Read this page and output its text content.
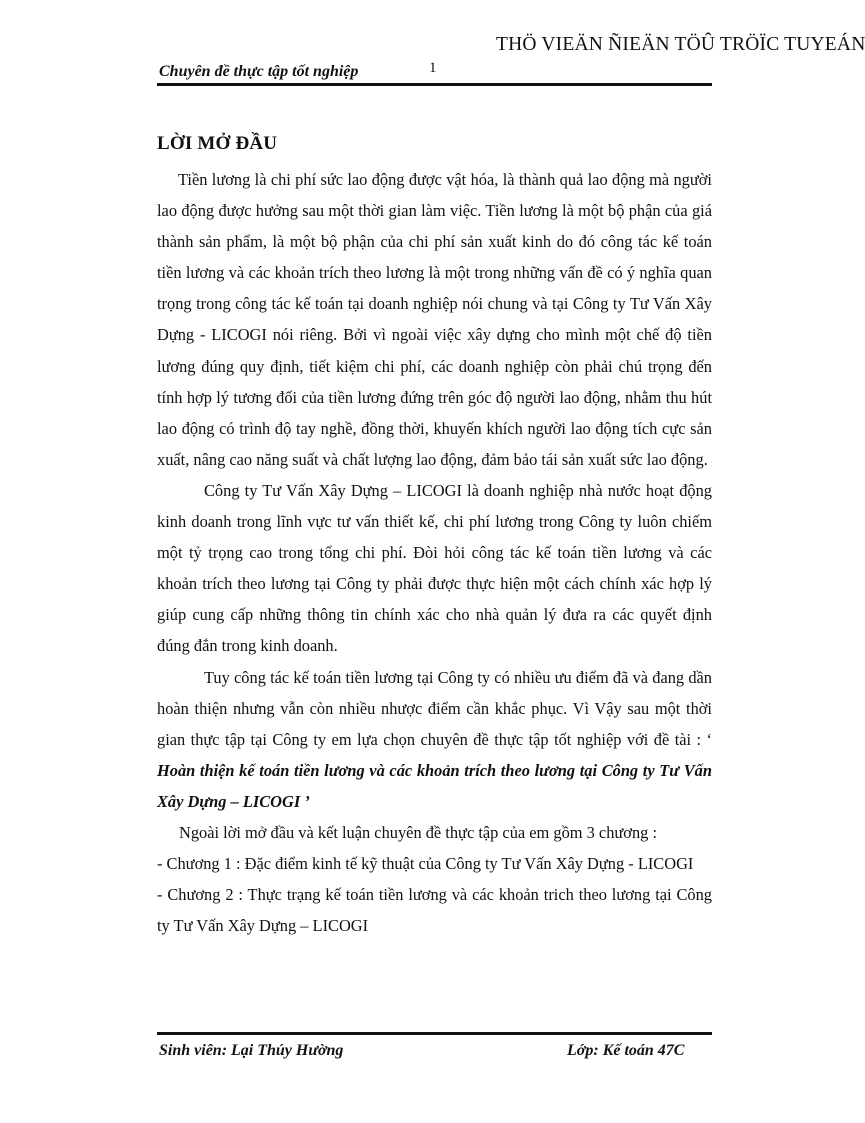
THÖ VIEÄN ÑIEÄN TÖÛ TRÖÏC TUYEÁN
Chuyên đề thực tập tốt nghiệp	1
LỜI MỞ ĐẦU

Tiền lương là chi phí sức lao động được vật hóa, là thành quả lao động mà người lao động được hưởng sau một thời gian làm việc. Tiền lương là một bộ phận của giá thành sản phẩm, là một bộ phận của chi phí sản xuất kinh do đó công tác kế toán tiền lương và các khoản trích theo lương là một trong những vấn đề có ý nghĩa quan trọng trong công tác kế toán tại doanh nghiệp nói chung và tại Công ty Tư Vấn Xây Dựng - LICOGI nói riêng. Bởi vì ngoài việc xây dựng cho mình một chế độ tiền lương đúng quy định, tiết kiệm chi phí, các doanh nghiệp còn phải chú trọng đến tính hợp lý tương đối của tiền lương đứng trên góc độ người lao động, nhằm thu hút lao động có trình độ tay nghề, đồng thời, khuyến khích người lao động tích cực sản xuất, nâng cao năng suất và chất lượng lao động, đảm bảo tái sản xuất sức lao động.

Công ty Tư Vấn Xây Dựng – LICOGI là doanh nghiệp nhà nước hoạt động kinh doanh trong lĩnh vực tư vấn thiết kế, chi phí lương trong Công ty luôn chiếm một tỷ trọng cao trong tổng chi phí. Đòi hỏi công tác kế toán tiền lương và các khoản trích theo lương tại Công ty phải được thực hiện một cách chính xác hợp lý giúp cung cấp những thông tin chính xác cho nhà quản lý đưa ra các quyết định đúng đắn trong kinh doanh.

Tuy công tác kế toán tiền lương tại Công ty có nhiều ưu điểm đã và đang dần hoàn thiện nhưng vẫn còn nhiều nhược điểm cần khắc phục. Vì Vậy sau một thời gian thực tập tại Công ty em lựa chọn chuyên đề thực tập tốt nghiệp với đề tài : ‘ Hoàn thiện kế toán tiền lương và các khoản trích theo lương tại Công ty Tư Vấn Xây Dựng – LICOGI ’

Ngoài lời mở đầu và kết luận chuyên đề thực tập của em gồm 3 chương :

- Chương 1 : Đặc điểm kinh tế kỹ thuật của Công ty Tư Vấn Xây Dựng - LICOGI

- Chương 2 : Thực trạng kế toán tiền lương và các khoản trich theo lương tại Công ty Tư Vấn Xây Dựng – LICOGI

Sinh viên: Lại Thúy Hường	Lớp: Kế toán 47C
